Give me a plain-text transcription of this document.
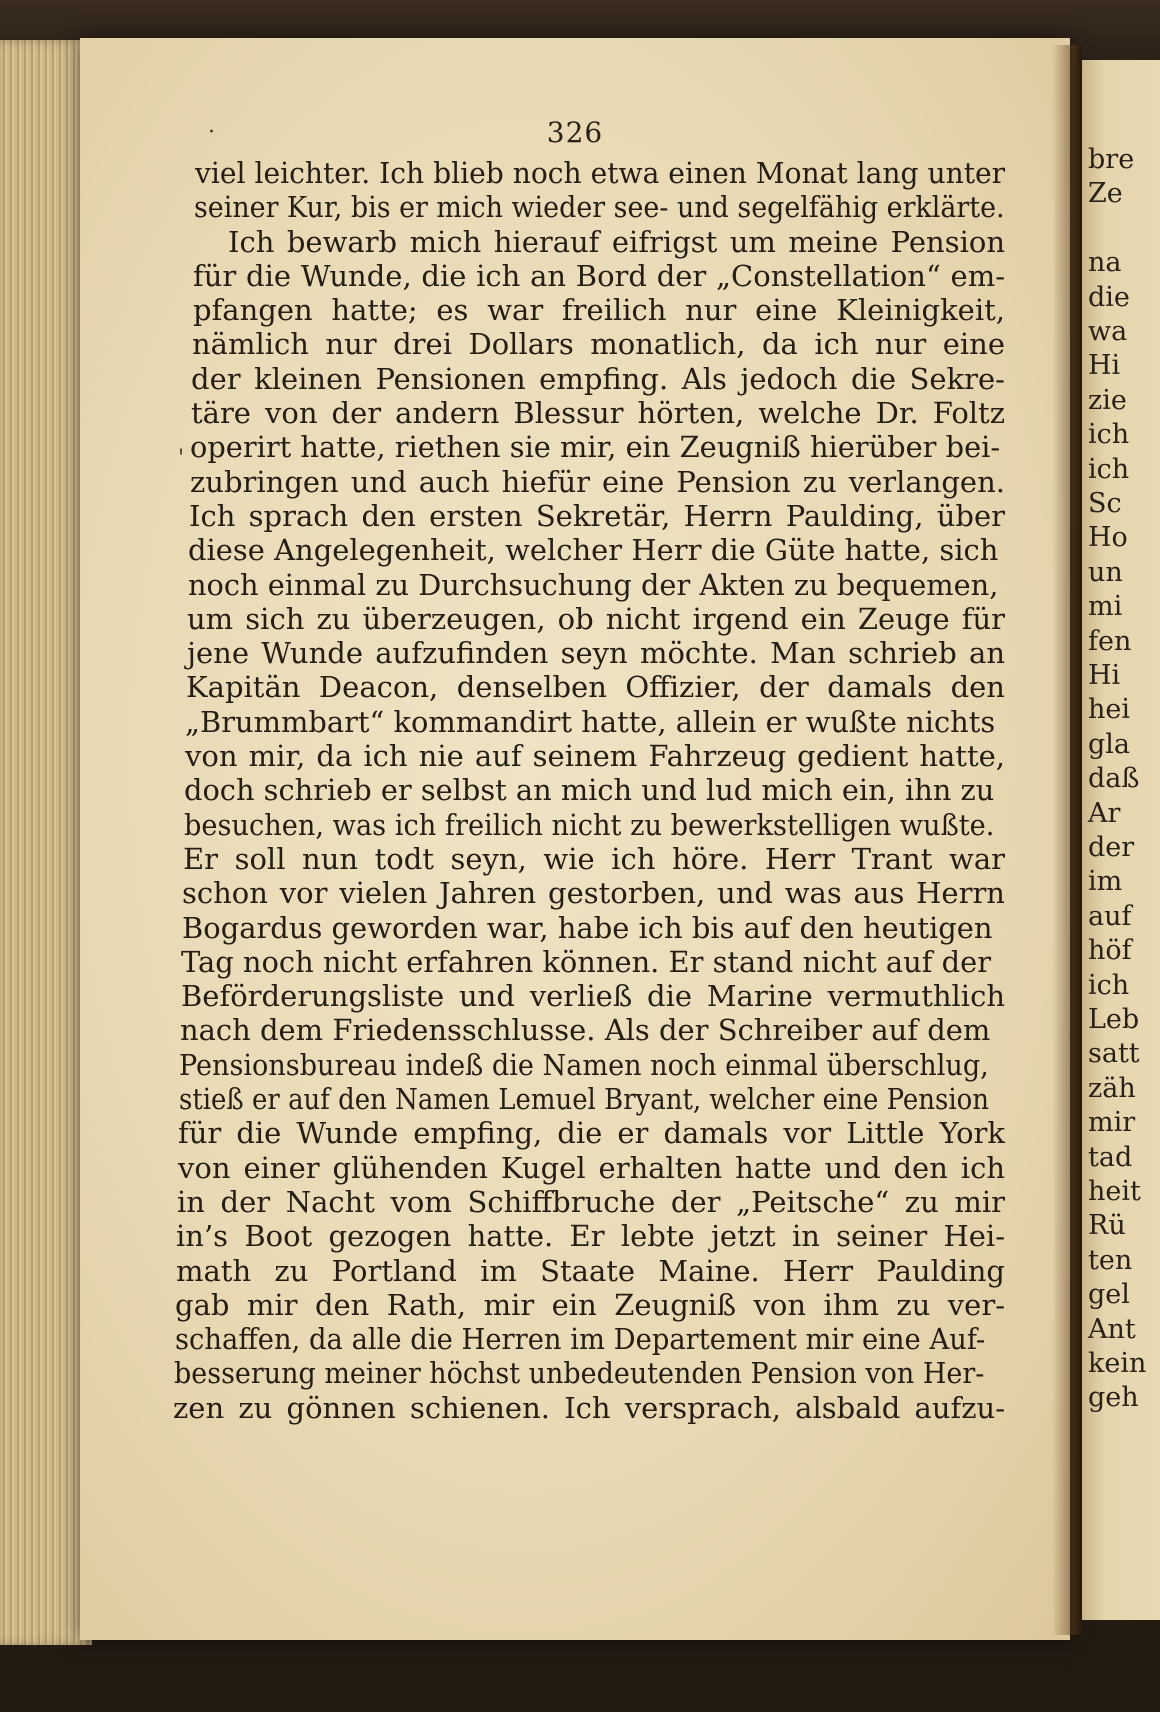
326
·
'
viel leichter. Ich blieb noch etwa einen Monat lang unter
seiner Kur, bis er mich wieder see- und segelfähig erklärte.
Ich bewarb mich hierauf eifrigst um meine Pension
für die Wunde, die ich an Bord der „Constellation“ em-
pfangen hatte; es war freilich nur eine Kleinigkeit,
nämlich nur drei Dollars monatlich, da ich nur eine
der kleinen Pensionen empfing. Als jedoch die Sekre-
täre von der andern Blessur hörten, welche Dr. Foltz
operirt hatte, riethen sie mir, ein Zeugniß hierüber bei-
zubringen und auch hiefür eine Pension zu verlangen.
Ich sprach den ersten Sekretär, Herrn Paulding, über
diese Angelegenheit, welcher Herr die Güte hatte, sich
noch einmal zu Durchsuchung der Akten zu bequemen,
um sich zu überzeugen, ob nicht irgend ein Zeuge für
jene Wunde aufzufinden seyn möchte. Man schrieb an
Kapitän Deacon, denselben Offizier, der damals den
„Brummbart“ kommandirt hatte, allein er wußte nichts
von mir, da ich nie auf seinem Fahrzeug gedient hatte,
doch schrieb er selbst an mich und lud mich ein, ihn zu
besuchen, was ich freilich nicht zu bewerkstelligen wußte.
Er soll nun todt seyn, wie ich höre. Herr Trant war
schon vor vielen Jahren gestorben, und was aus Herrn
Bogardus geworden war, habe ich bis auf den heutigen
Tag noch nicht erfahren können. Er stand nicht auf der
Beförderungsliste und verließ die Marine vermuthlich
nach dem Friedensschlusse. Als der Schreiber auf dem
Pensionsbureau indeß die Namen noch einmal überschlug,
stieß er auf den Namen Lemuel Bryant, welcher eine Pension
für die Wunde empfing, die er damals vor Little York
von einer glühenden Kugel erhalten hatte und den ich
in der Nacht vom Schiffbruche der „Peitsche“ zu mir
in’s Boot gezogen hatte. Er lebte jetzt in seiner Hei-
math zu Portland im Staate Maine. Herr Paulding
gab mir den Rath, mir ein Zeugniß von ihm zu ver-
schaffen, da alle die Herren im Departement mir eine Auf-
besserung meiner höchst unbedeutenden Pension von Her-
zen zu gönnen schienen. Ich versprach, alsbald aufzu-
bre
Ze
na
die
wa
Hi
zie
ich
ich
Sc
Ho
un
mi
fen
Hi
hei
gla
daß
Ar
der
im
auf
höf
ich
Leb
satt
zäh
mir
tad
heit
Rü
ten
gel
Ant
kein
geh
